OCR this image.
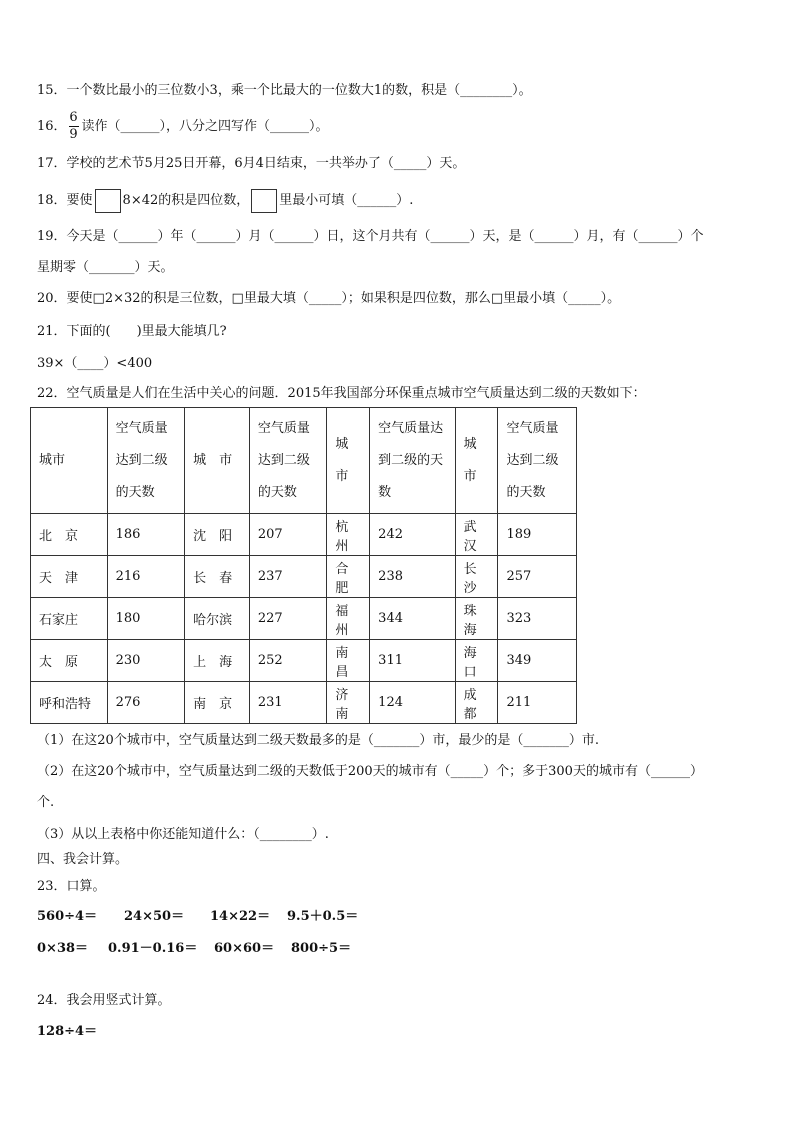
15．一个数比最小的三位数小3，乘一个比最大的一位数大1的数，积是（________）。
16． $\frac{6}{9}$ 读作（______），八分之四写作（______）。
17．学校的艺术节5月25日开幕，6月4日结束，一共举办了（_____）天。
18．要使 8×42的积是四位数， 里最小可填（______）.
19．今天是（______）年（______）月（______）日，这个月共有（______）天，是（______）月，有（______）个
星期零（_______）天。
20．要使□2×32的积是三位数，□里最大填（_____）；如果积是四位数，那么□里最小填（_____）。
21．下面的(　　)里最大能填几?
39×（____）<400
22．空气质量是人们在生活中关心的问题．2015年我国部分环保重点城市空气质量达到二级的天数如下：
城市	空气质量达到二级的天数	城　市	空气质量达到二级的天数	城市	空气质量达到二级的天数	城市	空气质量达到二级的天数
北　京	186	沈　阳	207	杭州	242	武汉	189
天　津	216	长　春	237	合肥	238	长沙	257
石家庄	180	哈尔滨	227	福州	344	珠海	323
太　原	230	上　海	252	南昌	311	海口	349
呼和浩特	276	南　京	231	济南	124	成都	211
（1）在这20个城市中，空气质量达到二级天数最多的是（_______）市，最少的是（_______）市.
（2）在这20个城市中，空气质量达到二级的天数低于200天的城市有（_____）个；多于300天的城市有（______）
个.
（3）从以上表格中你还能知道什么：（________）.
四、我会计算。
23．口算。
560÷4＝ 24×50＝ 14×22＝ 9.5＋0.5＝
0×38＝ 0.91－0.16＝ 60×60＝ 800÷5＝
24．我会用竖式计算。
128÷4＝
